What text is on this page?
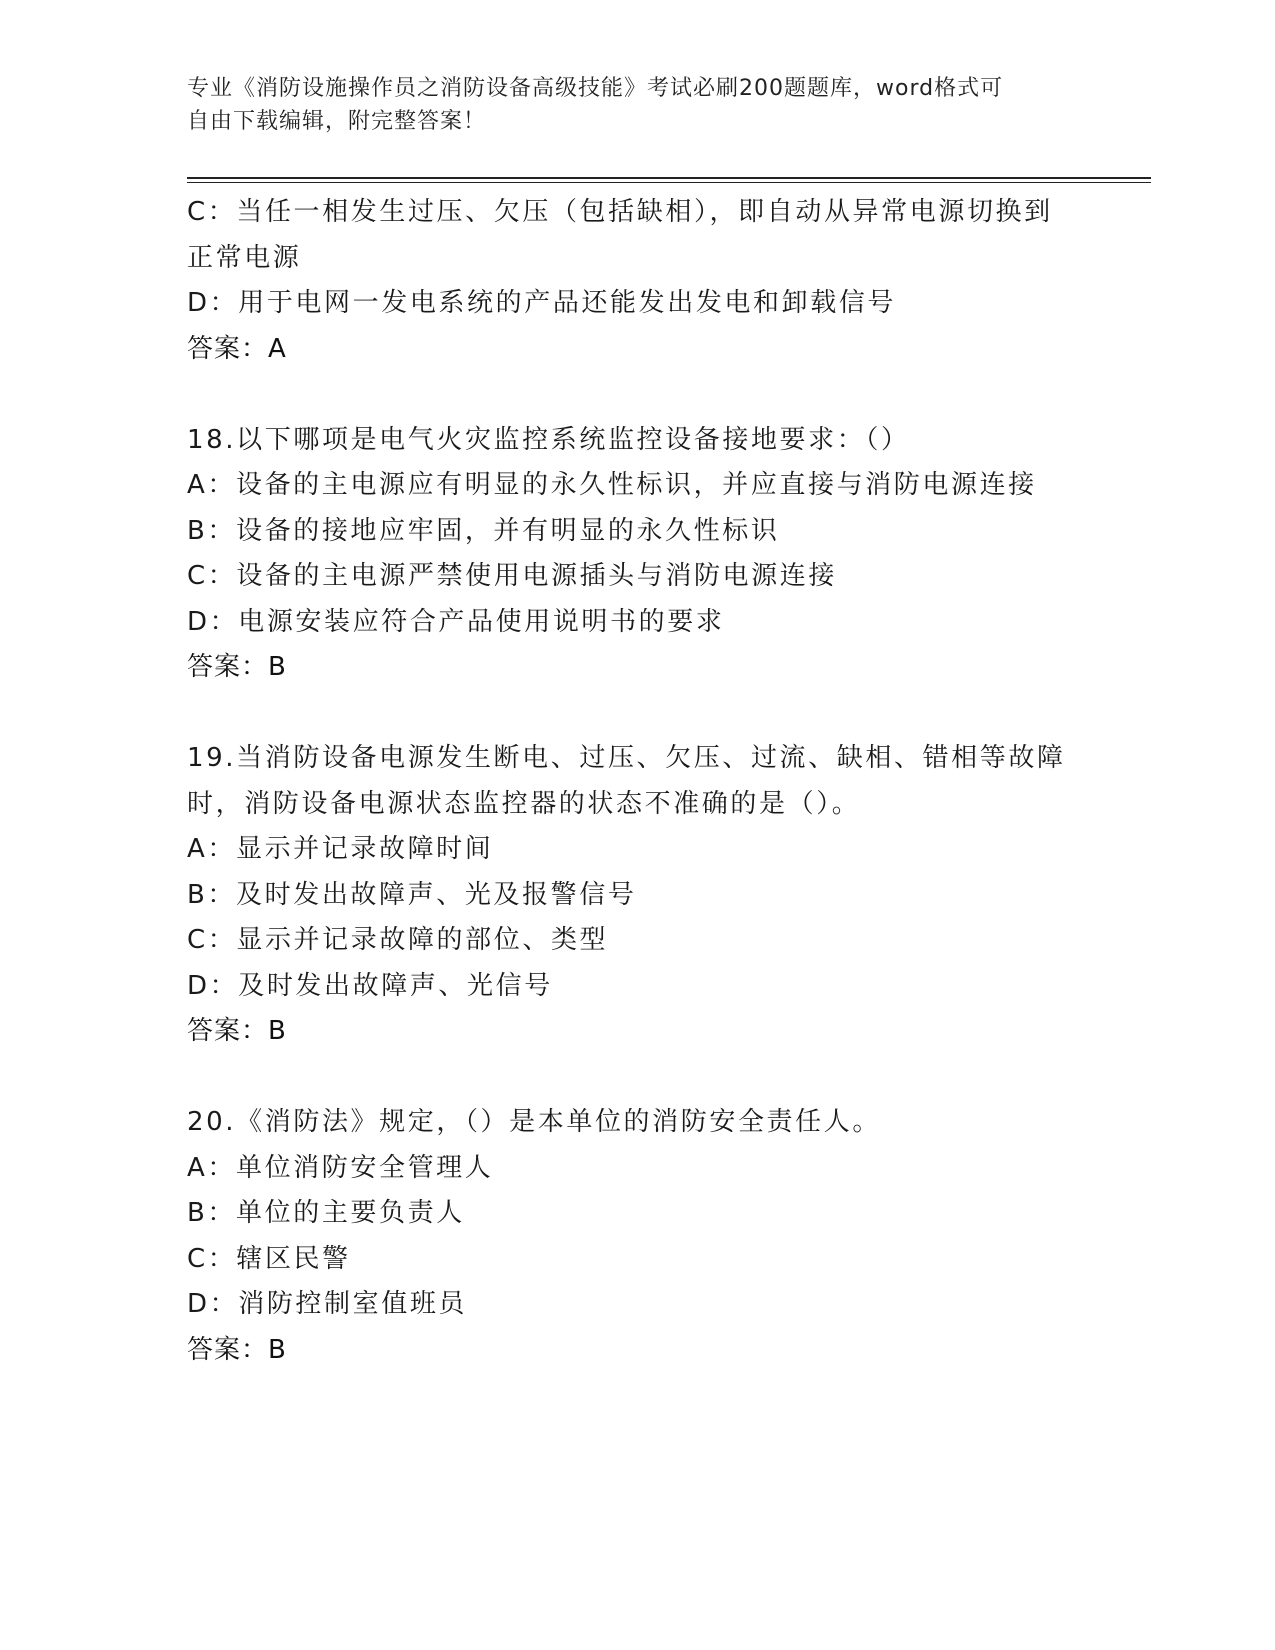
专业《消防设施操作员之消防设备高级技能》考试必刷200题题库，word格式可
自由下载编辑，附完整答案！
C：当任一相发生过压、欠压（包括缺相），即自动从异常电源切换到
正常电源
D：用于电网一发电系统的产品还能发出发电和卸载信号
答案：A
18.以下哪项是电气火灾监控系统监控设备接地要求：（）
A：设备的主电源应有明显的永久性标识，并应直接与消防电源连接
B：设备的接地应牢固，并有明显的永久性标识
C：设备的主电源严禁使用电源插头与消防电源连接
D：电源安装应符合产品使用说明书的要求
答案：B
19.当消防设备电源发生断电、过压、欠压、过流、缺相、错相等故障
时，消防设备电源状态监控器的状态不准确的是（）。
A：显示并记录故障时间
B：及时发出故障声、光及报警信号
C：显示并记录故障的部位、类型
D：及时发出故障声、光信号
答案：B
20.《消防法》规定，（）是本单位的消防安全责任人。
A：单位消防安全管理人
B：单位的主要负责人
C：辖区民警
D：消防控制室值班员
答案：B
